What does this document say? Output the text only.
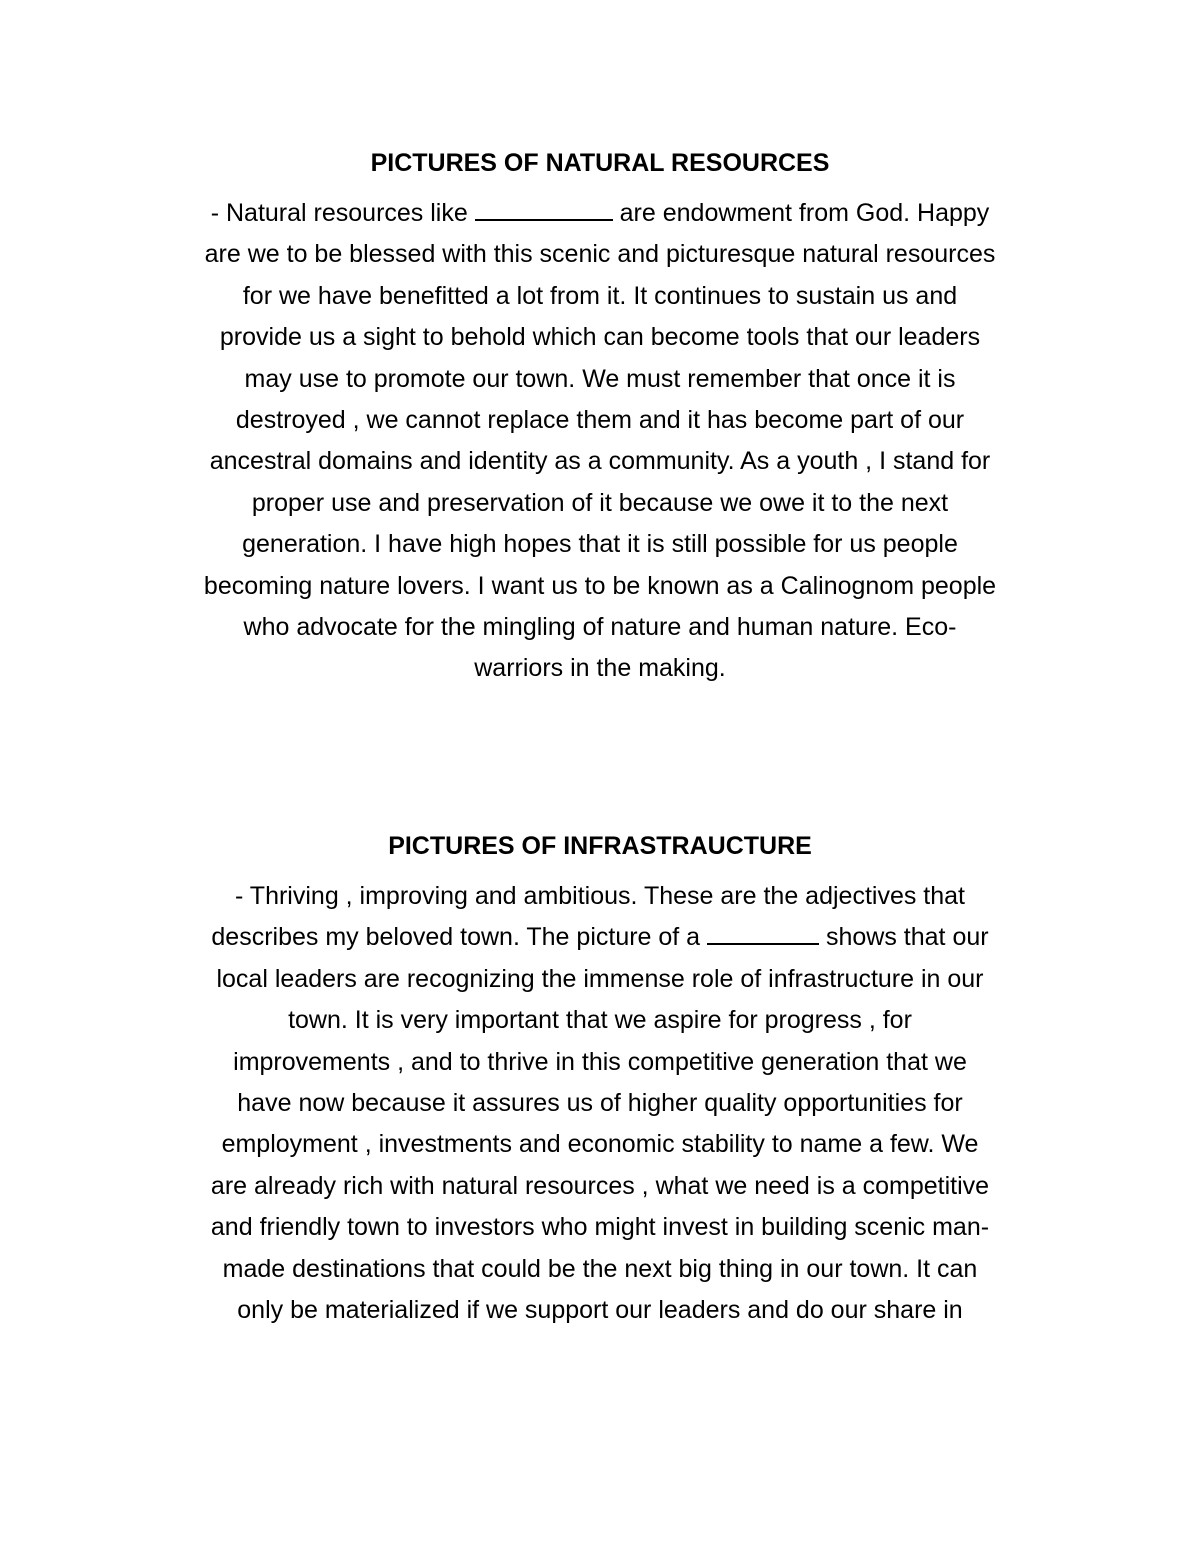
PICTURES OF NATURAL RESOURCES
- Natural resources like	are endowment from God. Happy
are we to be blessed with this scenic and picturesque natural resources
for we have benefitted a lot from it. It continues to sustain us and
provide us a sight to behold which can become tools that our leaders
may use to promote our town. We must remember that once it is
destroyed , we cannot replace them and it has become part of our
ancestral domains and identity as a community. As a youth , I stand for
proper use and preservation of it because we owe it to the next
generation. I have high hopes that it is still possible for us people
becoming nature lovers. I want us to be known as a Calinognom people
who advocate for the mingling of nature and human nature. Eco-
warriors in the making.
PICTURES OF INFRASTRAUCTURE
- Thriving , improving and ambitious. These are the adjectives that
describes my beloved town. The picture of a	shows that our
local leaders are recognizing the immense role of infrastructure in our
town. It is very important that we aspire for progress , for
improvements , and to thrive in this competitive generation that we
have now because it assures us of higher quality opportunities for
employment , investments and economic stability to name a few. We
are already rich with natural resources , what we need is a competitive
and friendly town to investors who might invest in building scenic man-
made destinations that could be the next big thing in our town. It can
only be materialized if we support our leaders and do our share in
